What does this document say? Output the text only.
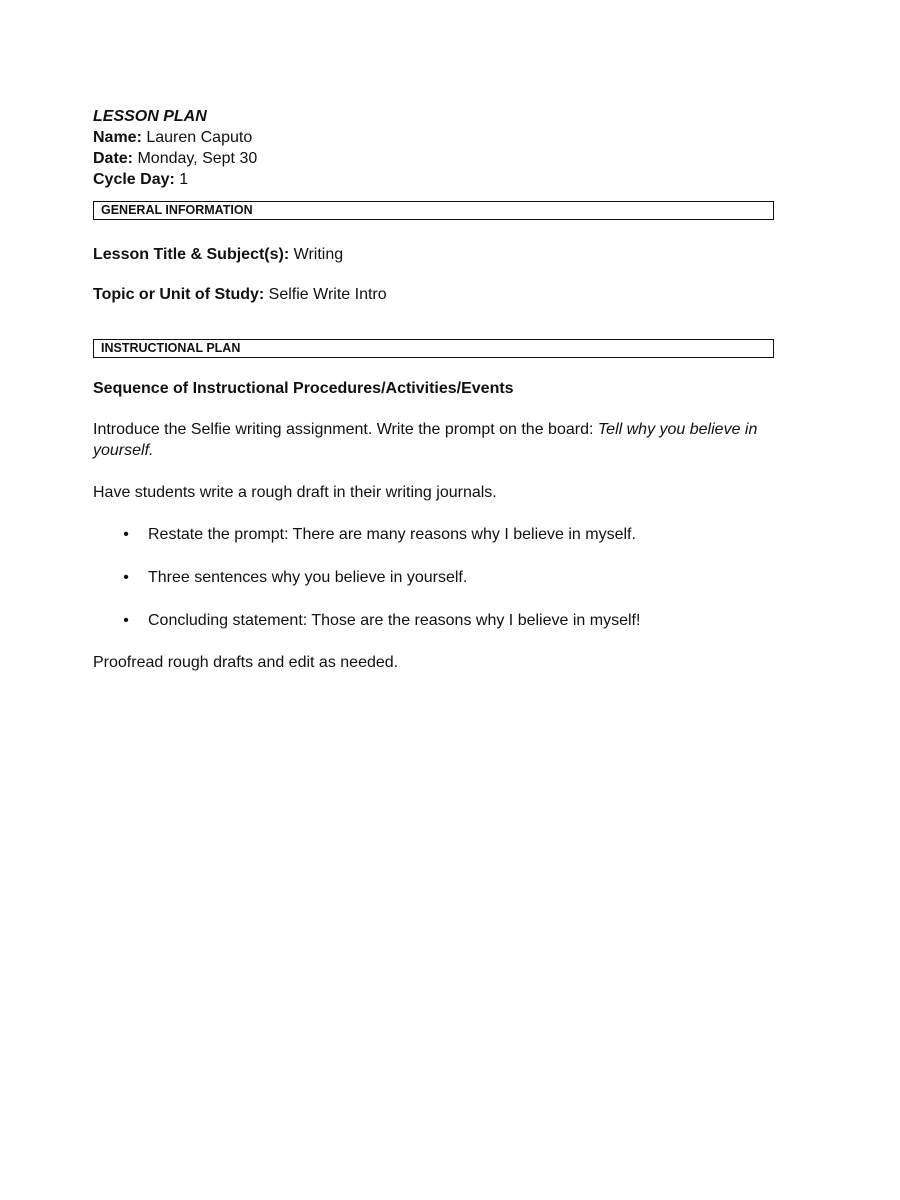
LESSON PLAN
Name: Lauren Caputo
Date: Monday, Sept 30
Cycle Day: 1
GENERAL INFORMATION

Lesson Title & Subject(s): Writing

Topic or Unit of Study: Selfie Write Intro

INSTRUCTIONAL PLAN
Sequence of Instructional Procedures/Activities/Events

Introduce the Selfie writing assignment. Write the prompt on the board: Tell why you believe in yourself.

Have students write a rough draft in their writing journals.

• Restate the prompt: There are many reasons why I believe in myself.
• Three sentences why you believe in yourself.
• Concluding statement: Those are the reasons why I believe in myself!

Proofread rough drafts and edit as needed.
